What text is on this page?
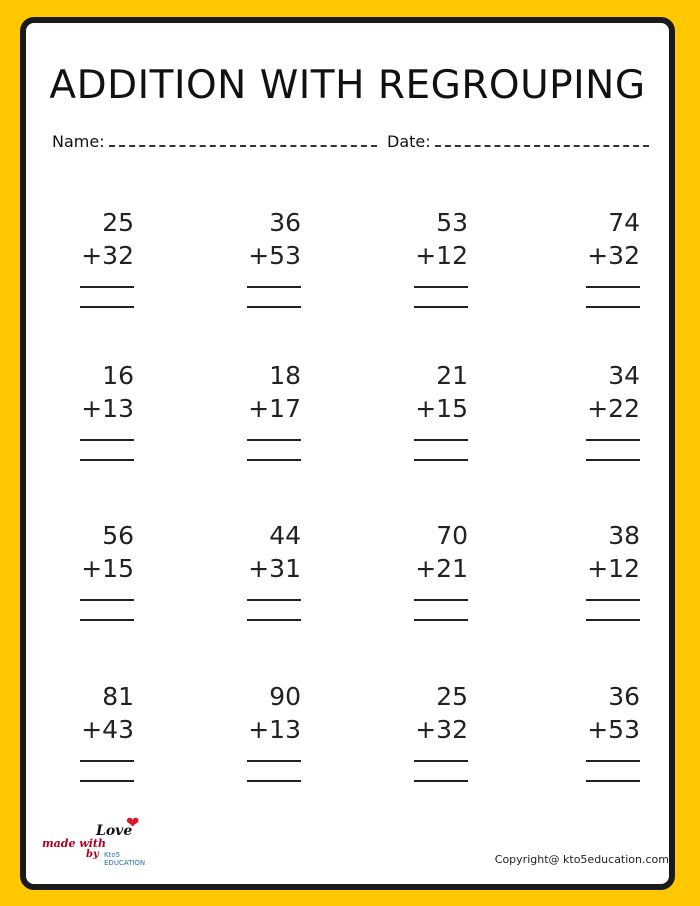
ADDITION WITH REGROUPING
Name:	Date:
25
+32
36
+53
53
+12
74
+32
16
+13
18
+17
21
+15
34
+22
56
+15
44
+31
70
+21
38
+12
81
+43
90
+13
25
+32
36
+53
made with
Love
❤
by Kto5 EDUCATION	Copyright@ kto5education.com
